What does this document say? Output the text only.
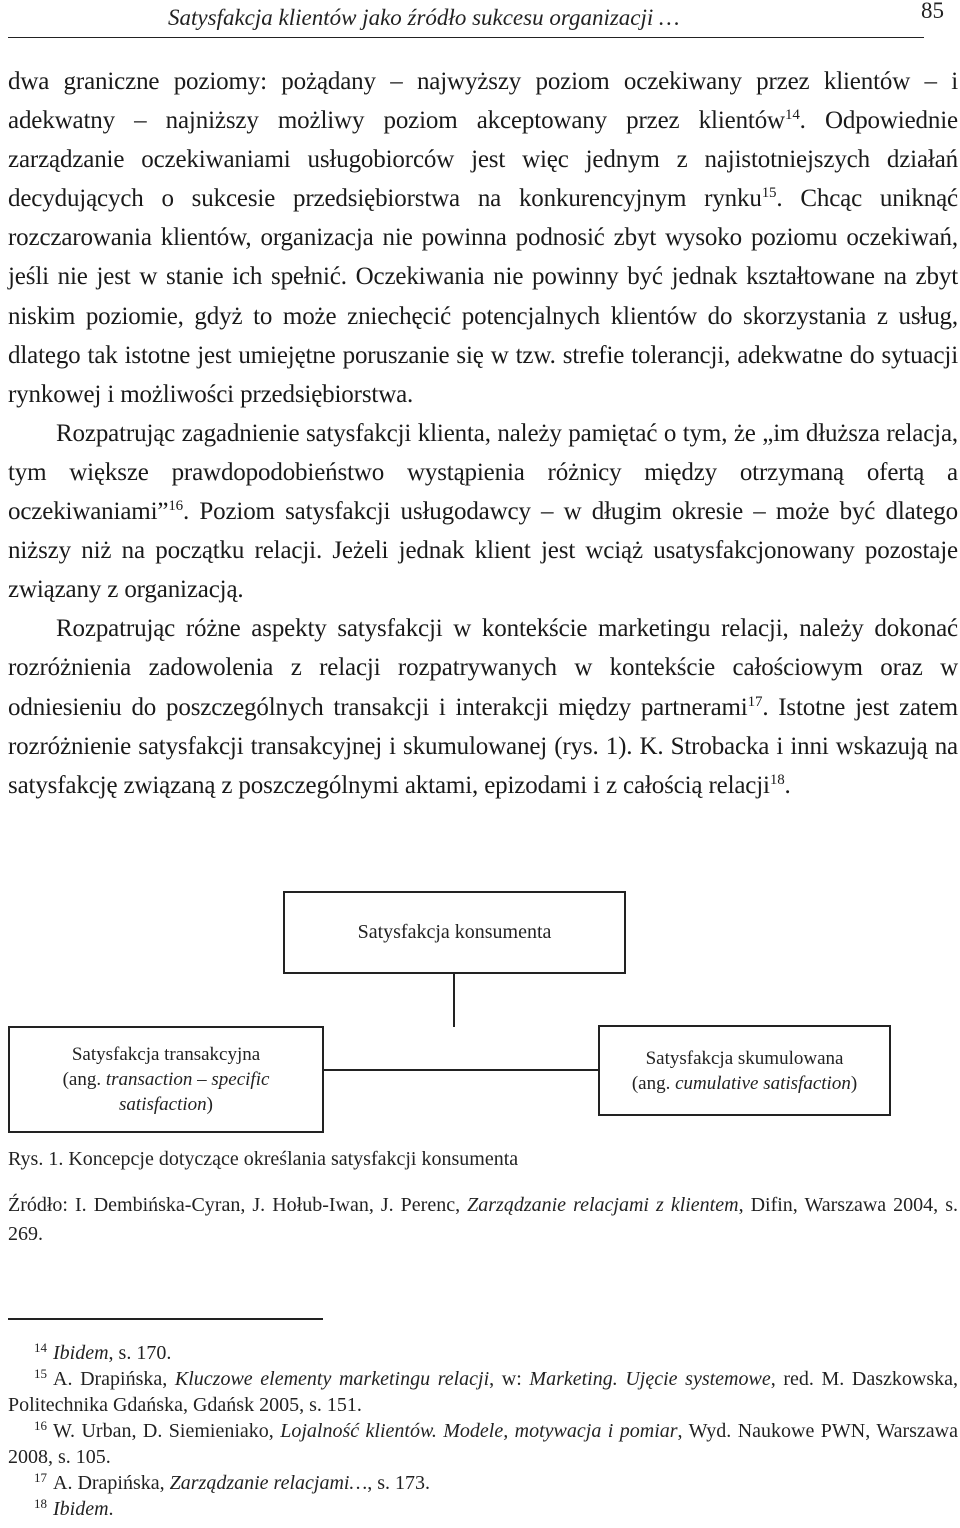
Satysfakcja klientów jako źródło sukcesu organizacji …	85

dwa graniczne poziomy: pożądany – najwyższy poziom oczekiwany przez klientów – i adekwatny – najniższy możliwy poziom akceptowany przez klientów$^{14}$. Odpowiednie zarządzanie oczekiwaniami usługobiorców jest więc jednym z najistotniejszych działań decydujących o sukcesie przedsiębiorstwa na konkurencyjnym rynku$^{15}$. Chcąc uniknąć rozczarowania klientów, organizacja nie powinna podnosić zbyt wysoko poziomu oczekiwań, jeśli nie jest w stanie ich spełnić. Oczekiwania nie powinny być jednak kształtowane na zbyt niskim poziomie, gdyż to może zniechęcić potencjalnych klientów do skorzystania z usług, dlatego tak istotne jest umiejętne poruszanie się w tzw. strefie tolerancji, adekwatne do sytuacji rynkowej i możliwości przedsiębiorstwa.

Rozpatrując zagadnienie satysfakcji klienta, należy pamiętać o tym, że „im dłuższa relacja, tym większe prawdopodobieństwo wystąpienia różnicy między otrzymaną ofertą a oczekiwaniami”$^{16}$. Poziom satysfakcji usługodawcy – w długim okresie – może być dlatego niższy niż na początku relacji. Jeżeli jednak klient jest wciąż usatysfakcjonowany pozostaje związany z organizacją.

Rozpatrując różne aspekty satysfakcji w kontekście marketingu relacji, należy dokonać rozróżnienia zadowolenia z relacji rozpatrywanych w kontekście całościowym oraz w odniesieniu do poszczególnych transakcji i interakcji między partnerami$^{17}$. Istotne jest zatem rozróżnienie satysfakcji transakcyjnej i skumulowanej (rys. 1). K. Strobacka i inni wskazują na satysfakcję związaną z poszczególnymi aktami, epizodami i z całością relacji$^{18}$.

Satysfakcja konsumenta
Satysfakcja transakcyjna
(ang. transaction – specific
satisfaction)
Satysfakcja skumulowana
(ang. cumulative satisfaction)
Rys. 1. Koncepcje dotyczące określania satysfakcji konsumenta
Źródło: I. Dembińska-Cyran, J. Hołub-Iwan, J. Perenc, Zarządzanie relacjami z klientem, Difin, Warszawa 2004, s. 269.

$^{14}$ Ibidem, s. 170.

$^{15}$ A. Drapińska, Kluczowe elementy marketingu relacji, w: Marketing. Ujęcie systemowe, red. M. Daszkowska, Politechnika Gdańska, Gdańsk 2005, s. 151.

$^{16}$ W. Urban, D. Siemieniako, Lojalność klientów. Modele, motywacja i pomiar, Wyd. Naukowe PWN, Warszawa 2008, s. 105.

$^{17}$ A. Drapińska, Zarządzanie relacjami…, s. 173.

$^{18}$ Ibidem.
